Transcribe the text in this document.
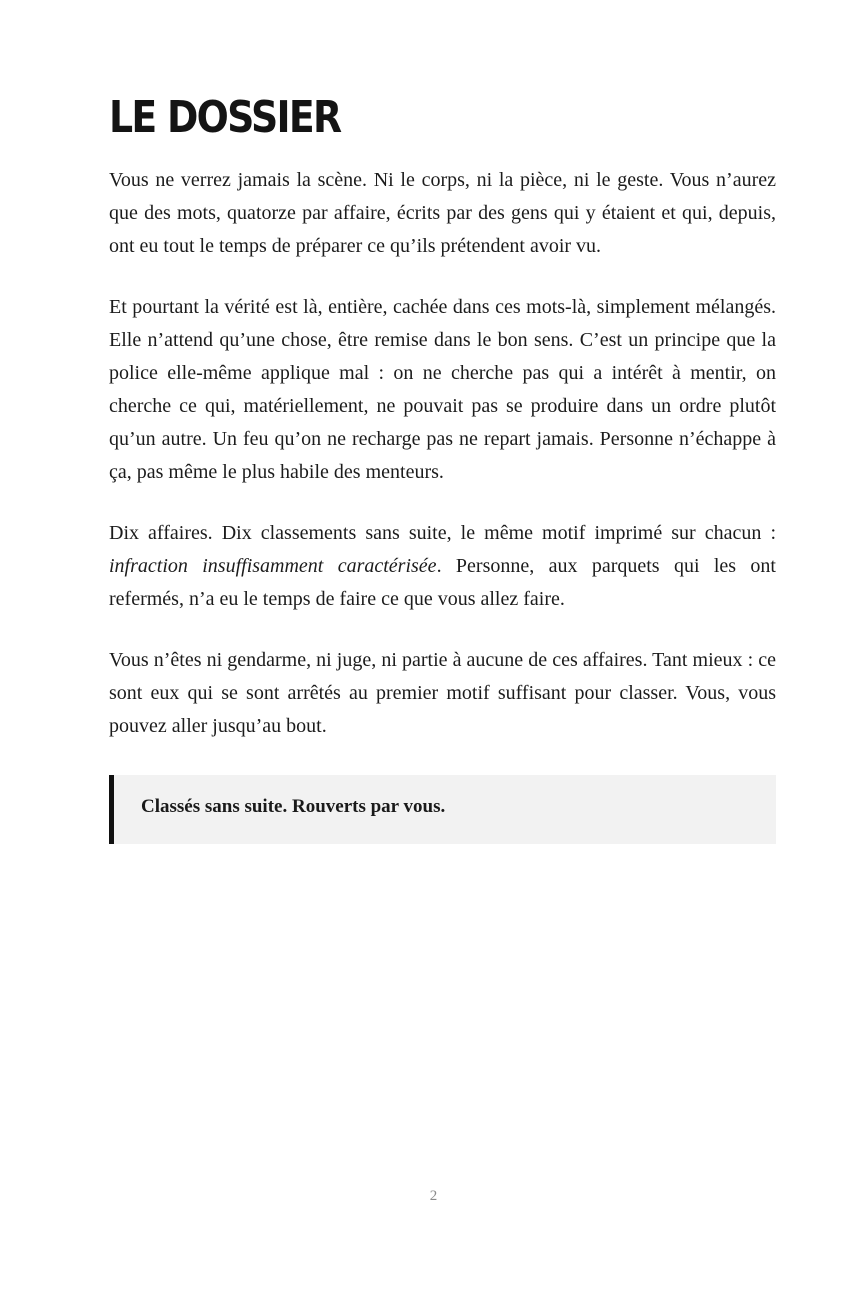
LE DOSSIER

Vous ne verrez jamais la scène. Ni le corps, ni la pièce, ni le geste. Vous n’aurez que des mots, quatorze par affaire, écrits par des gens qui y étaient et qui, depuis, ont eu tout le temps de préparer ce qu’ils prétendent avoir vu.

Et pourtant la vérité est là, entière, cachée dans ces mots-là, simplement mélangés. Elle n’attend qu’une chose, être remise dans le bon sens. C’est un principe que la police elle-même applique mal : on ne cherche pas qui a intérêt à mentir, on cherche ce qui, matériellement, ne pouvait pas se produire dans un ordre plutôt qu’un autre. Un feu qu’on ne recharge pas ne repart jamais. Personne n’échappe à ça, pas même le plus habile des menteurs.

Dix affaires. Dix classements sans suite, le même motif imprimé sur chacun : infraction insuffisamment caractérisée. Personne, aux parquets qui les ont refermés, n’a eu le temps de faire ce que vous allez faire.

Vous n’êtes ni gendarme, ni juge, ni partie à aucune de ces affaires. Tant mieux : ce sont eux qui se sont arrêtés au premier motif suffisant pour classer. Vous, vous pouvez aller jusqu’au bout.

Classés sans suite. Rouverts par vous.
2
